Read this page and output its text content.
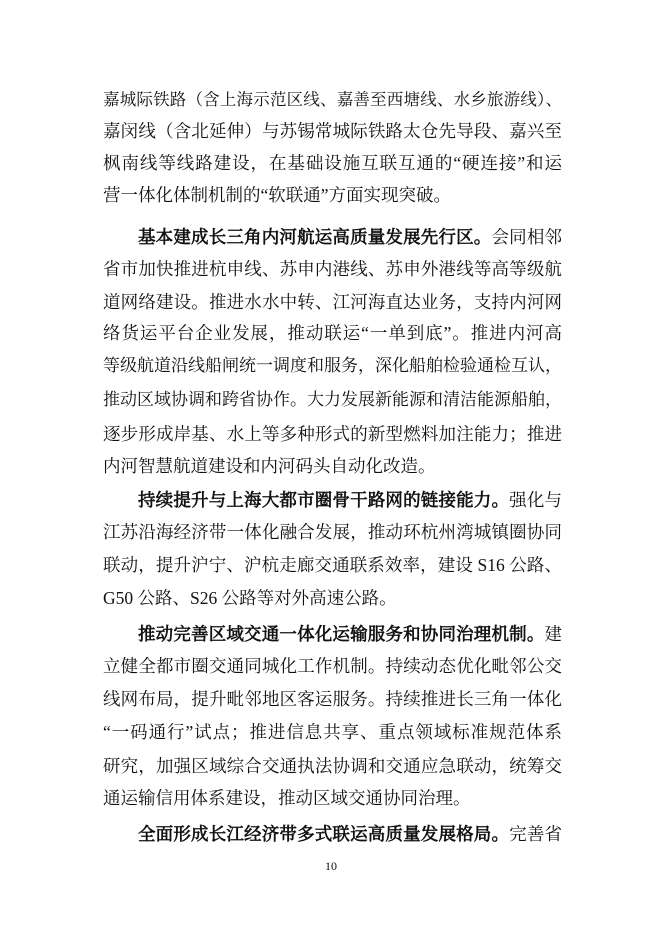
嘉城际铁路（含上海示范区线、嘉善至西塘线、水乡旅游线）、
嘉闵线（含北延伸）与苏锡常城际铁路太仓先导段、嘉兴至
枫南线等线路建设，在基础设施互联互通的“硬连接”和运
营一体化体制机制的“软联通”方面实现突破。
基本建成长三角内河航运高质量发展先行区。会同相邻
省市加快推进杭申线、苏申内港线、苏申外港线等高等级航
道网络建设。推进水水中转、江河海直达业务，支持内河网
络货运平台企业发展，推动联运“一单到底”。推进内河高
等级航道沿线船闸统一调度和服务，深化船舶检验通检互认，
推动区域协调和跨省协作。大力发展新能源和清洁能源船舶，
逐步形成岸基、水上等多种形式的新型燃料加注能力；推进
内河智慧航道建设和内河码头自动化改造。
持续提升与上海大都市圈骨干路网的链接能力。强化与
江苏沿海经济带一体化融合发展，推动环杭州湾城镇圈协同
联动，提升沪宁、沪杭走廊交通联系效率，建设 S16 公路、
G50 公路、S26 公路等对外高速公路。
推动完善区域交通一体化运输服务和协同治理机制。建
立健全都市圈交通同城化工作机制。持续动态优化毗邻公交
线网布局，提升毗邻地区客运服务。持续推进长三角一体化
“一码通行”试点；推进信息共享、重点领域标准规范体系
研究，加强区域综合交通执法协调和交通应急联动，统筹交
通运输信用体系建设，推动区域交通协同治理。
全面形成长江经济带多式联运高质量发展格局。完善省
10
